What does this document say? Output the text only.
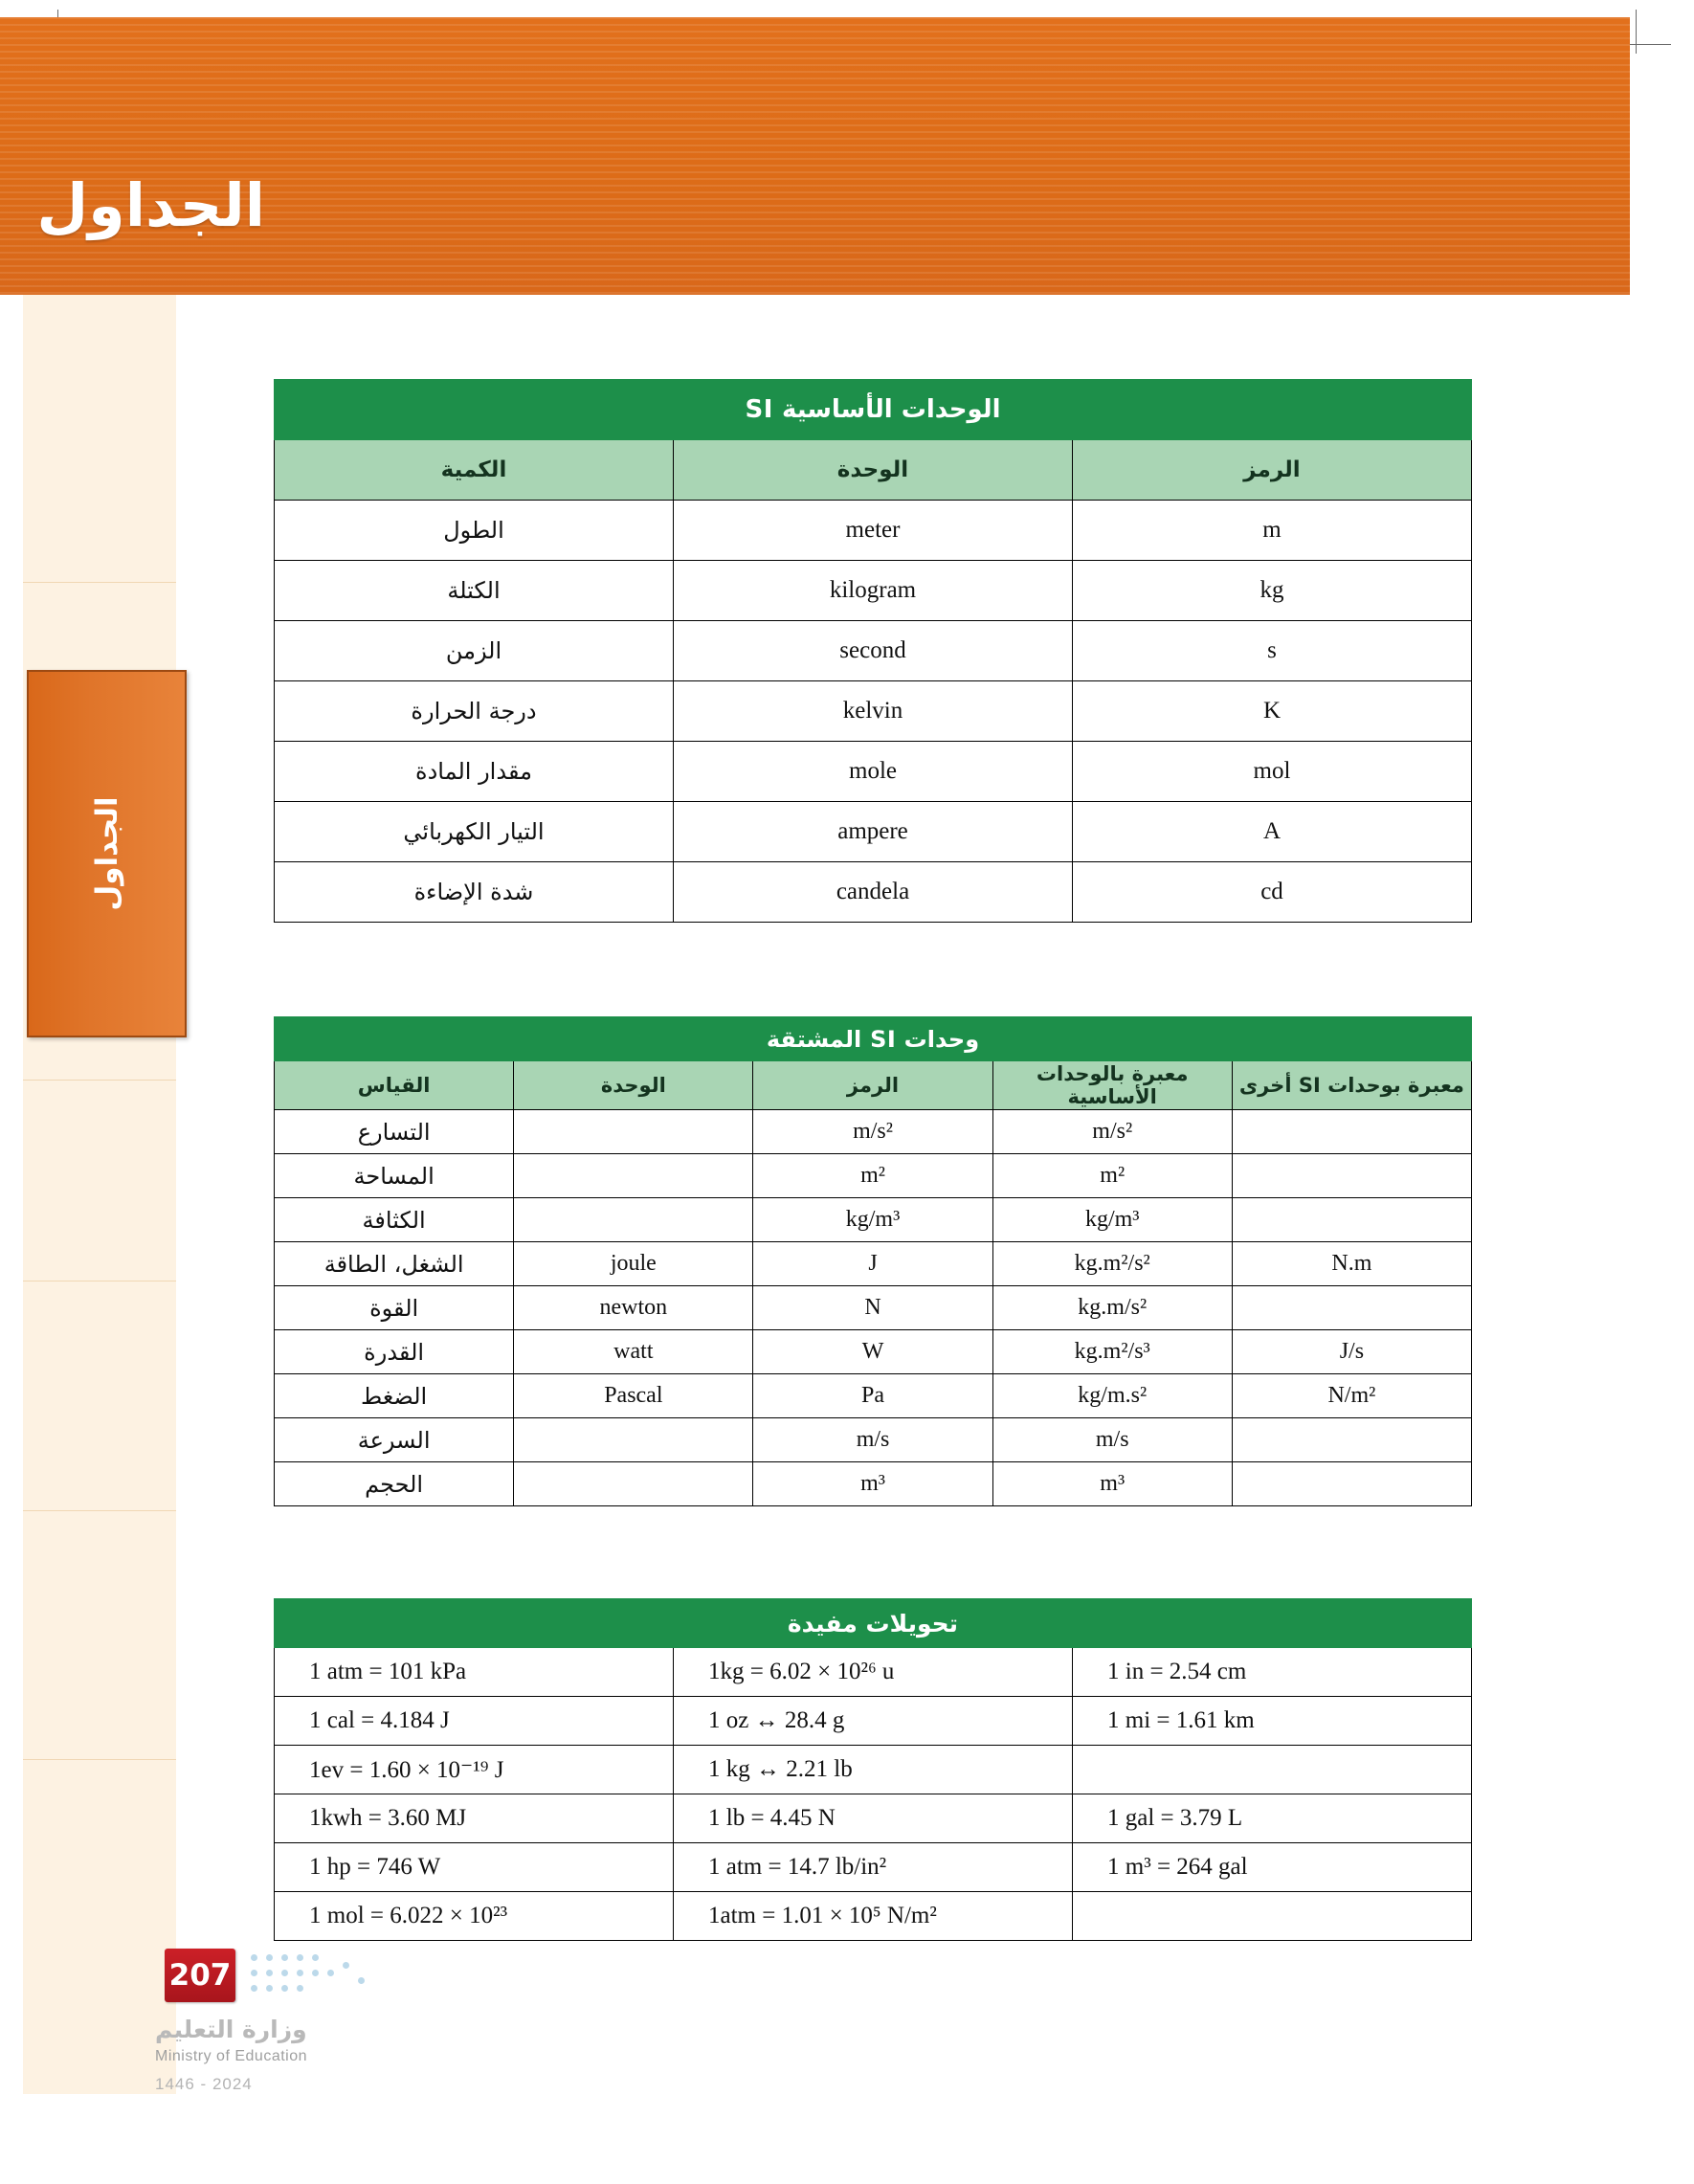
الجداول
الجداول
الوحدات الأساسية SI		
الرمز	الوحدة	الكمية
m	meter	الطول
kg	kilogram	الكتلة
s	second	الزمن
K	kelvin	درجة الحرارة
mol	mole	مقدار المادة
A	ampere	التيار الكهربائي
cd	candela	شدة الإضاءة
وحدات SI المشتقة				
معبرة بوحدات SI أخرى	معبرة بالوحدات الأساسية	الرمز	الوحدة	القياس
	m/s²	m/s²		التسارع
	m²	m²		المساحة
	kg/m³	kg/m³		الكثافة
N.m	kg.m²/s²	J	joule	الشغل، الطاقة
	kg.m/s²	N	newton	القوة
J/s	kg.m²/s³	W	watt	القدرة
N/m²	kg/m.s²	Pa	Pascal	الضغط
	m/s	m/s		السرعة
	m³	m³		الحجم
تحويلات مفيدة		
1 in = 2.54 cm	1kg = 6.02 × 10²⁶ u	1 atm = 101 kPa
1 mi = 1.61 km	1 oz ↔ 28.4 g	1 cal = 4.184 J
	1 kg ↔ 2.21 lb	1ev = 1.60 × 10⁻¹⁹ J
1 gal = 3.79 L	1 lb = 4.45 N	1kwh = 3.60 MJ
1 m³ = 264 gal	1 atm = 14.7 lb/in²	1 hp = 746 W
	1atm = 1.01 × 10⁵ N/m²	1 mol = 6.022 × 10²³
207
وزارة التعليم
Ministry of Education
2024 - 1446
